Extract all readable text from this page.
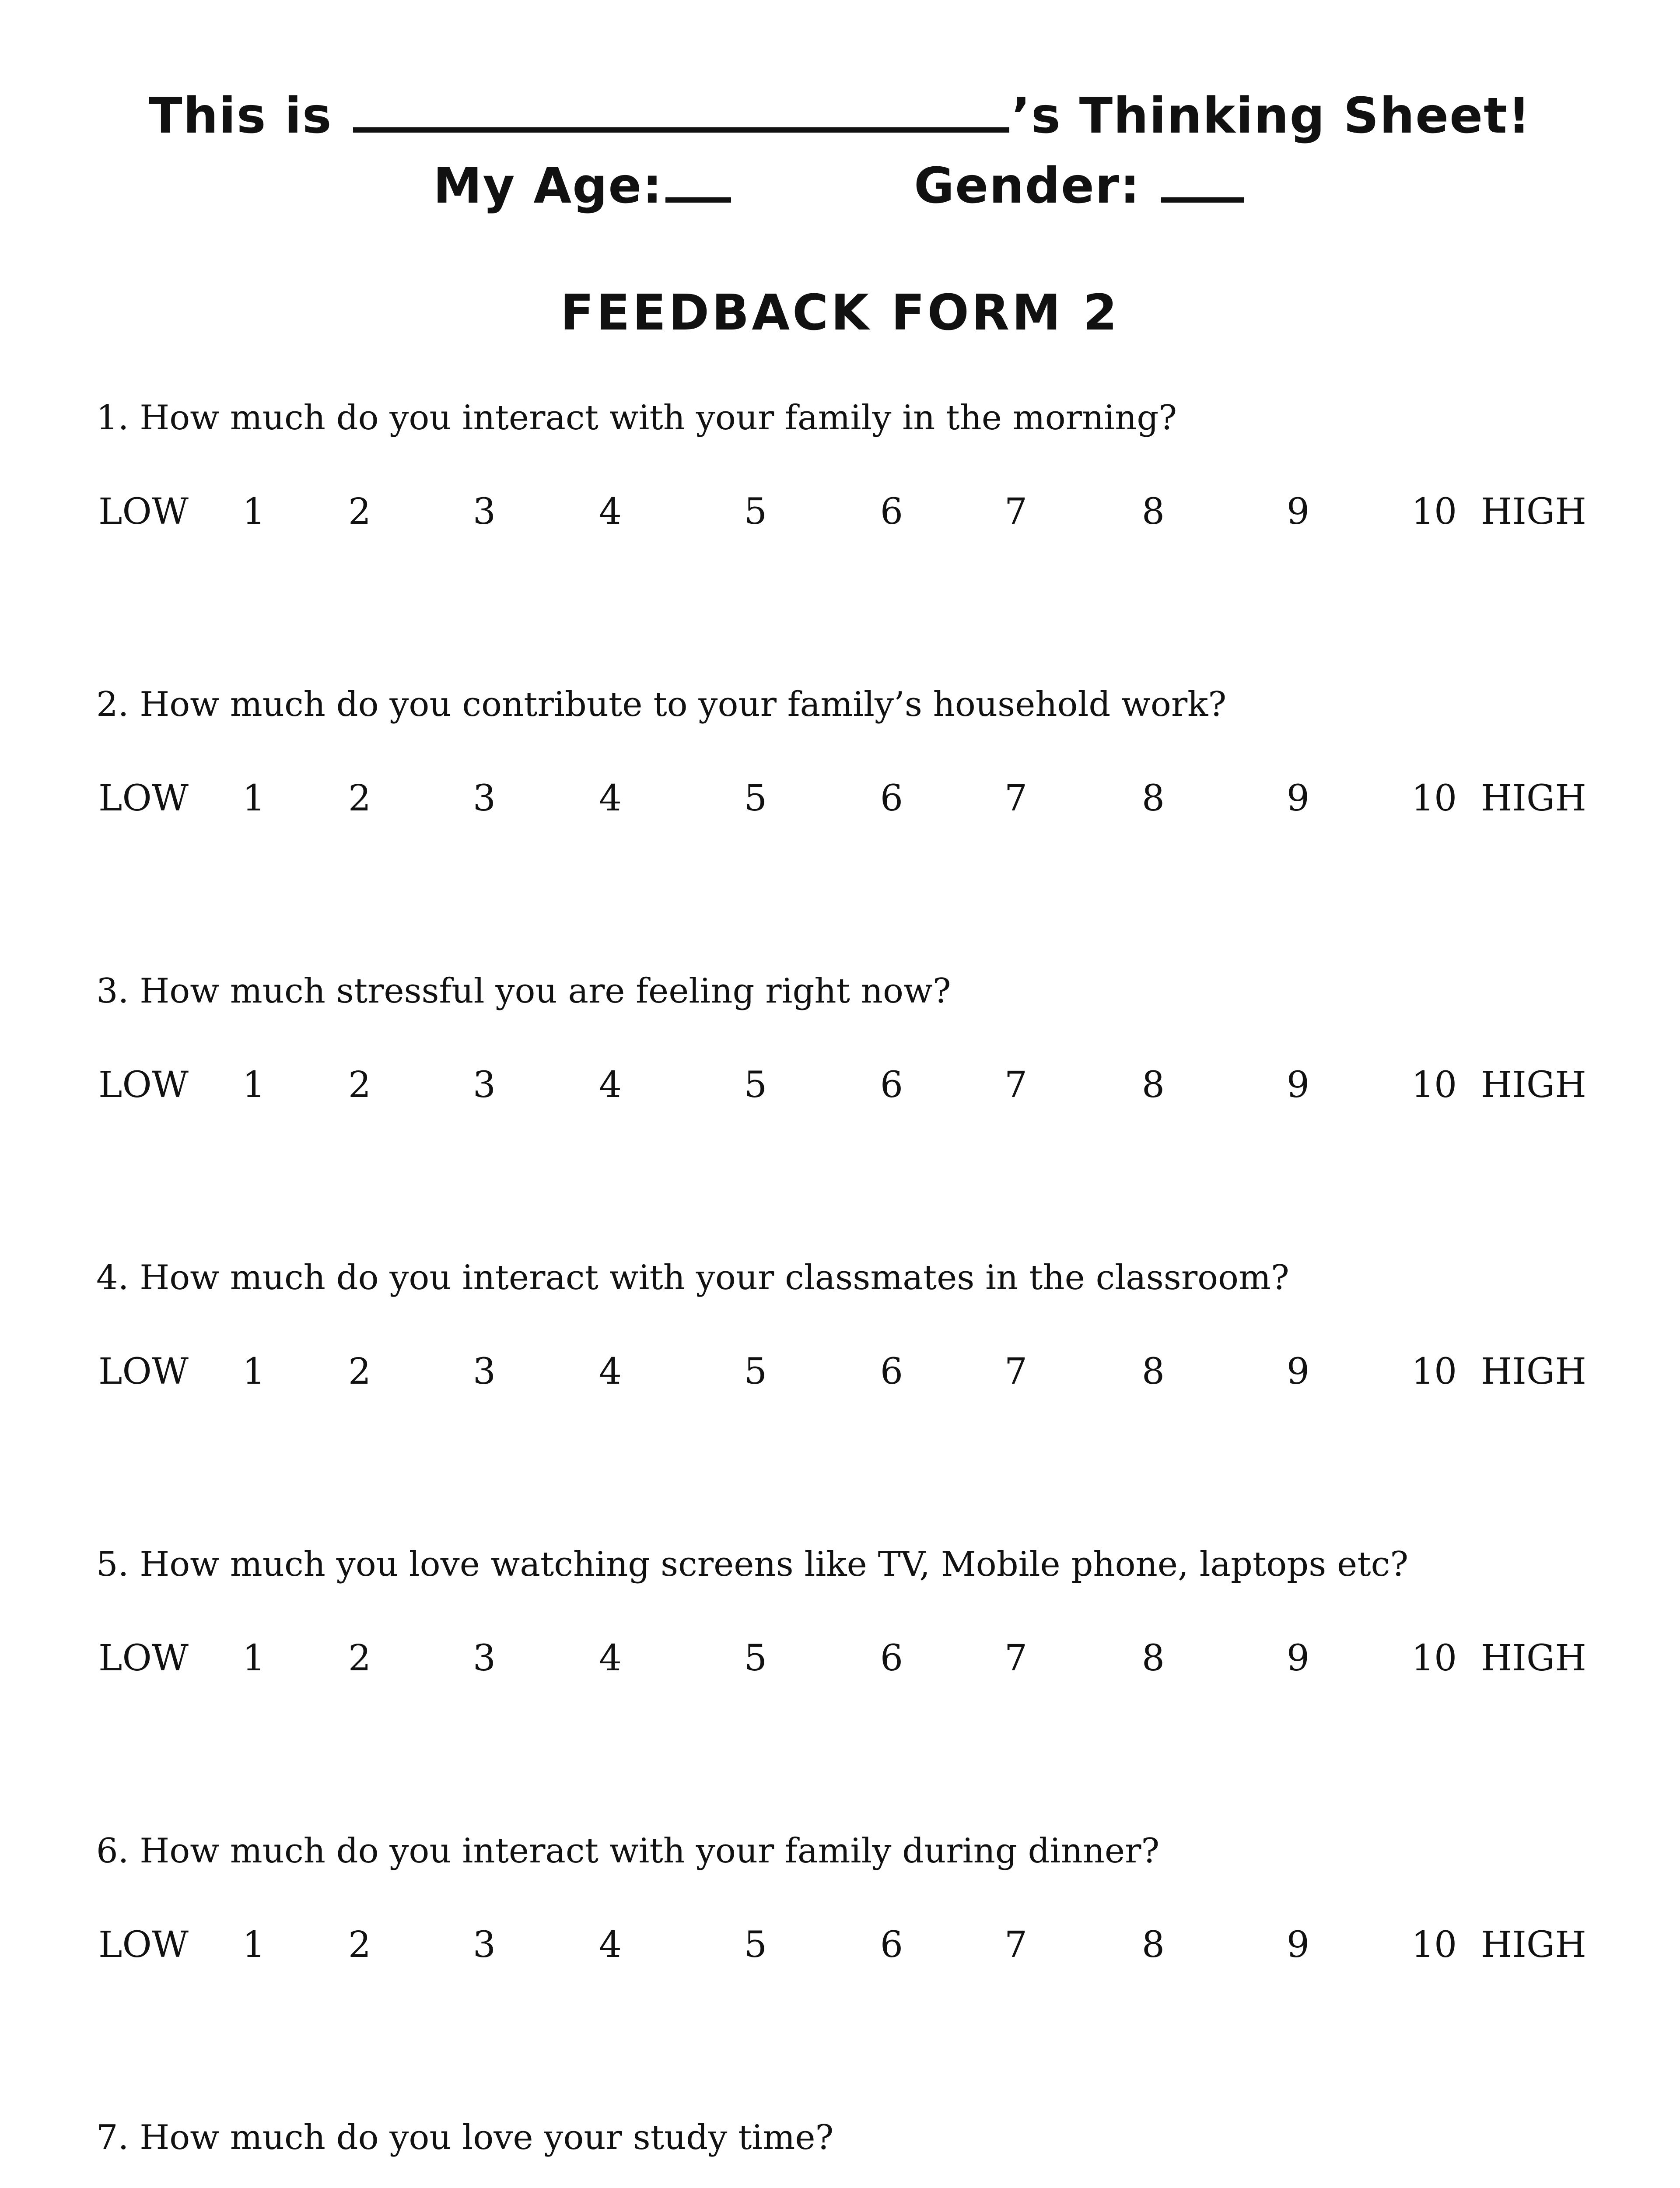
This is	’s Thinking Sheet!
My Age:	Gender:
FEEDBACK FORM 2
1. How much do you interact with your family in the morning?
LOW 1 2	3	4	5	6	7	8	9	10 HIGH
2. How much do you contribute to your family’s household work?
LOW 1 2	3	4	5	6	7	8	9	10 HIGH
3. How much stressful you are feeling right now?
LOW 1 2	3	4	5	6	7	8	9	10 HIGH
4. How much do you interact with your classmates in the classroom?
LOW 1 2	3	4	5	6	7	8	9	10 HIGH
5. How much you love watching screens like TV, Mobile phone, laptops etc?
LOW 1 2	3	4	5	6	7	8	9	10 HIGH
6. How much do you interact with your family during dinner?
LOW 1 2	3	4	5	6	7	8	9	10 HIGH
7. How much do you love your study time?
